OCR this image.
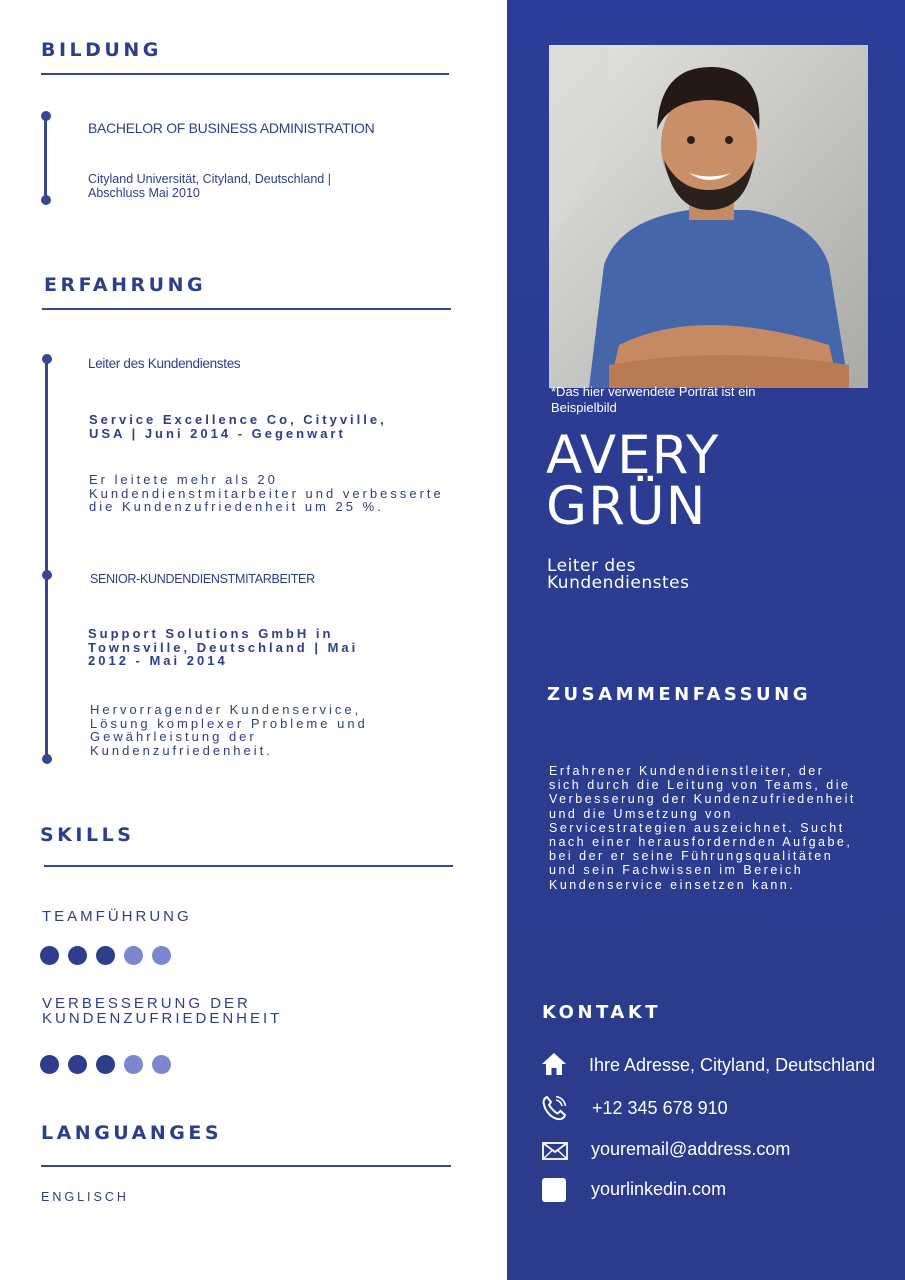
BILDUNG
BACHELOR OF BUSINESS ADMINISTRATION
Cityland Universität, Cityland, Deutschland |
Abschluss Mai 2010
ERFAHRUNG
Leiter des Kundendienstes
Service Excellence Co, Cityville,
USA | Juni 2014 - Gegenwart
Er leitete mehr als 20
Kundendienstmitarbeiter und verbesserte
die Kundenzufriedenheit um 25 %.
SENIOR-KUNDENDIENSTMITARBEITER
Support Solutions GmbH in
Townsville, Deutschland | Mai
2012 - Mai 2014
Hervorragender Kundenservice,
Lösung komplexer Probleme und
Gewährleistung der
Kundenzufriedenheit.
SKILLS
TEAMFÜHRUNG
VERBESSERUNG DER
KUNDENZUFRIEDENHEIT
LANGUANGES
ENGLISCH
*Das hier verwendete Porträt ist ein
Beispielbild
AVERY
GRÜN
Leiter des
Kundendienstes
ZUSAMMENFASSUNG
Erfahrener Kundendienstleiter, der
sich durch die Leitung von Teams, die
Verbesserung der Kundenzufriedenheit
und die Umsetzung von
Servicestrategien auszeichnet. Sucht
nach einer herausfordernden Aufgabe,
bei der er seine Führungsqualitäten
und sein Fachwissen im Bereich
Kundenservice einsetzen kann.
KONTAKT
Ihre Adresse, Cityland, Deutschland
+12 345 678 910
youremail@address.com
yourlinkedin.com
